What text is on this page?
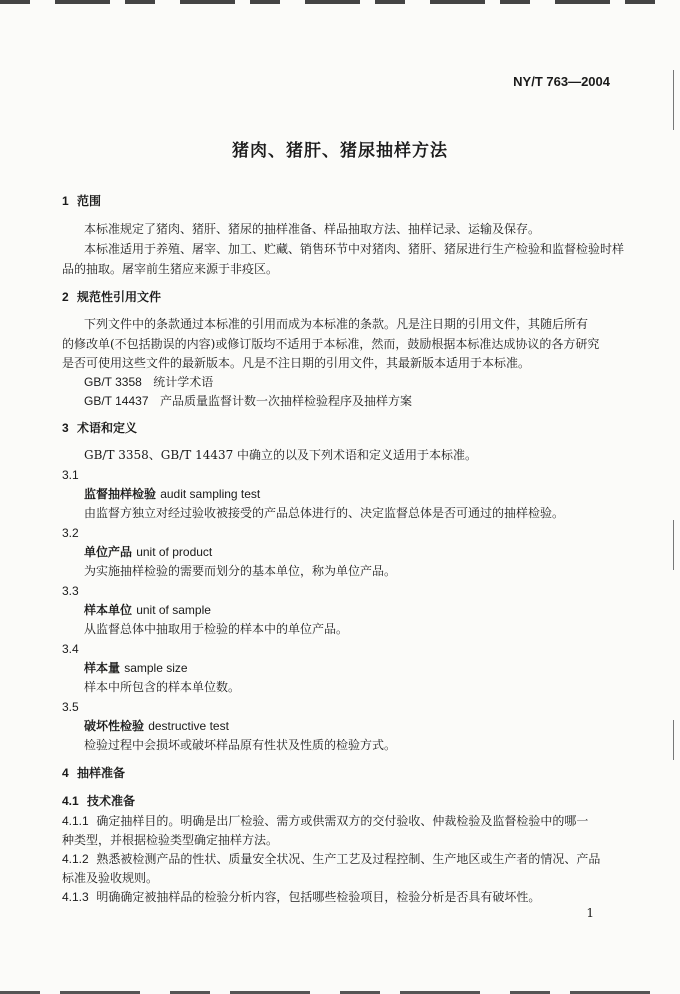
NY/T 763—2004
猪肉、猪肝、猪尿抽样方法
1 范围
本标准规定了猪肉、猪肝、猪尿的抽样准备、样品抽取方法、抽样记录、运输及保存。
本标准适用于养殖、屠宰、加工、贮藏、销售环节中对猪肉、猪肝、猪尿进行生产检验和监督检验时样
品的抽取。屠宰前生猪应来源于非疫区。
2 规范性引用文件
下列文件中的条款通过本标准的引用而成为本标准的条款。凡是注日期的引用文件，其随后所有
的修改单(不包括勘误的内容)或修订版均不适用于本标准，然而，鼓励根据本标准达成协议的各方研究
是否可使用这些文件的最新版本。凡是不注日期的引用文件，其最新版本适用于本标准。
GB/T 3358 统计学术语
GB/T 14437 产品质量监督计数一次抽样检验程序及抽样方案
3 术语和定义
GB/T 3358、GB/T 14437 中确立的以及下列术语和定义适用于本标准。
3.1
监督抽样检验 audit sampling test
由监督方独立对经过验收被接受的产品总体进行的、决定监督总体是否可通过的抽样检验。
3.2
单位产品 unit of product
为实施抽样检验的需要而划分的基本单位，称为单位产品。
3.3
样本单位 unit of sample
从监督总体中抽取用于检验的样本中的单位产品。
3.4
样本量 sample size
样本中所包含的样本单位数。
3.5
破坏性检验 destructive test
检验过程中会损坏或破坏样品原有性状及性质的检验方式。
4 抽样准备
4.1 技术准备
4.1.1 确定抽样目的。明确是出厂检验、需方或供需双方的交付验收、仲裁检验及监督检验中的哪一
种类型，并根据检验类型确定抽样方法。
4.1.2 熟悉被检测产品的性状、质量安全状况、生产工艺及过程控制、生产地区或生产者的情况、产品
标准及验收规则。
4.1.3 明确确定被抽样品的检验分析内容，包括哪些检验项目，检验分析是否具有破坏性。
1
